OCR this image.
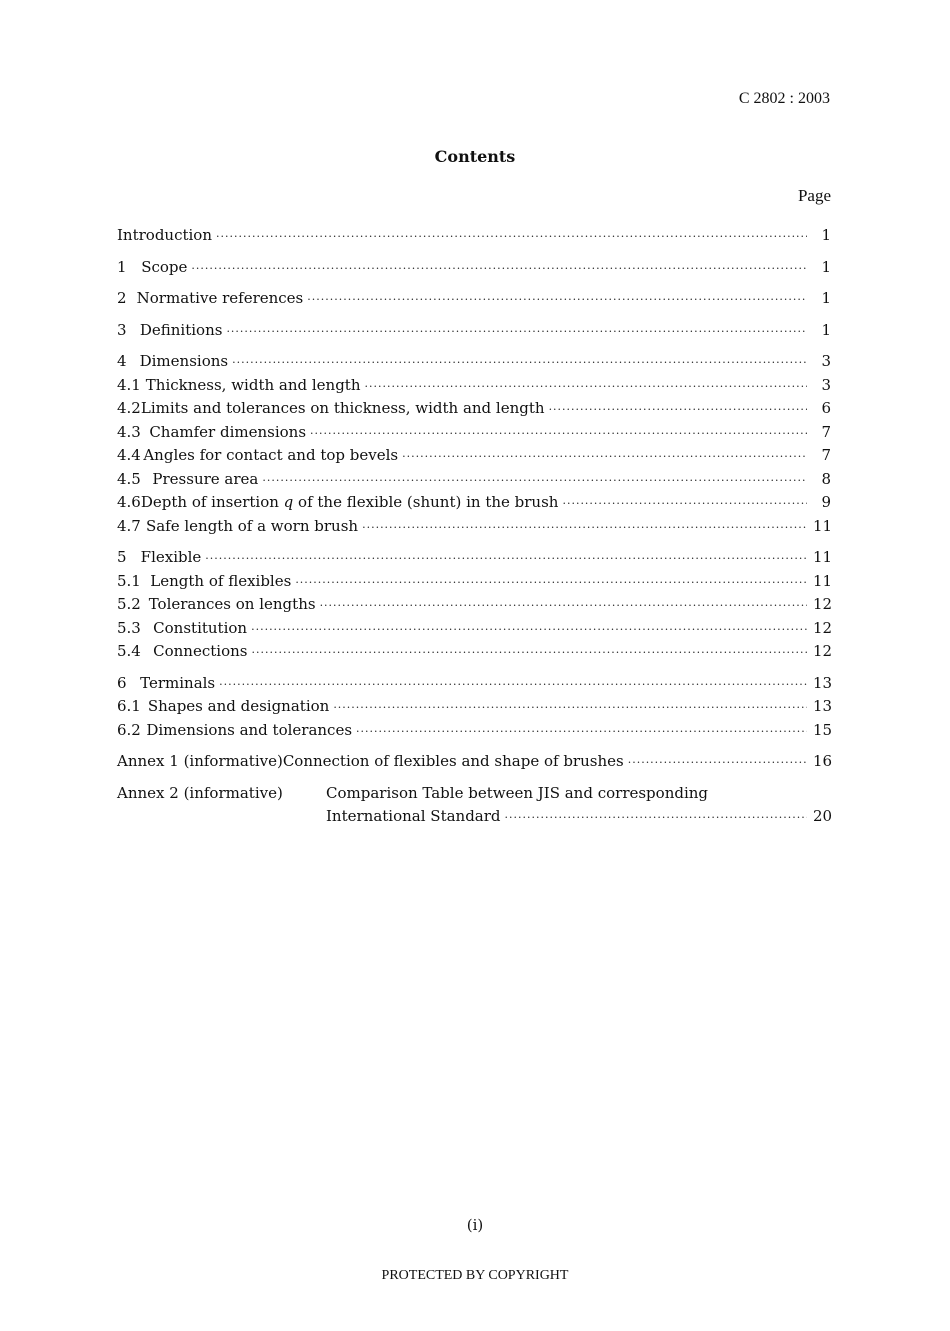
C 2802 : 2003
Contents
Page
Introduction ·····	1
1 Scope ·····	1
2 Normative references ·····	1
3 Definitions ·····	1
4 Dimensions ·····	3
4.1 Thickness, width and length ·····	3
4.2 Limits and tolerances on thickness, width and length ·····	6
4.3 Chamfer dimensions ·····	7
4.4 Angles for contact and top bevels ·····	7
4.5 Pressure area ·····	8
4.6 Depth of insertion q of the flexible (shunt) in the brush ·····	9
4.7 Safe length of a worn brush ·····	11
5 Flexible ·····	11
5.1 Length of flexibles ·····	11
5.2 Tolerances on lengths ·····	12
5.3 Constitution ·····	12
5.4 Connections ·····	12
6 Terminals ·····	13
6.1 Shapes and designation ·····	13
6.2 Dimensions and tolerances ·····	15
Annex 1 (informative) Connection of flexibles and shape of brushes ·····	16
Annex 2 (informative)	Comparison Table between JIS and corresponding
International Standard ·····	20
(i)
PROTECTED BY COPYRIGHT
